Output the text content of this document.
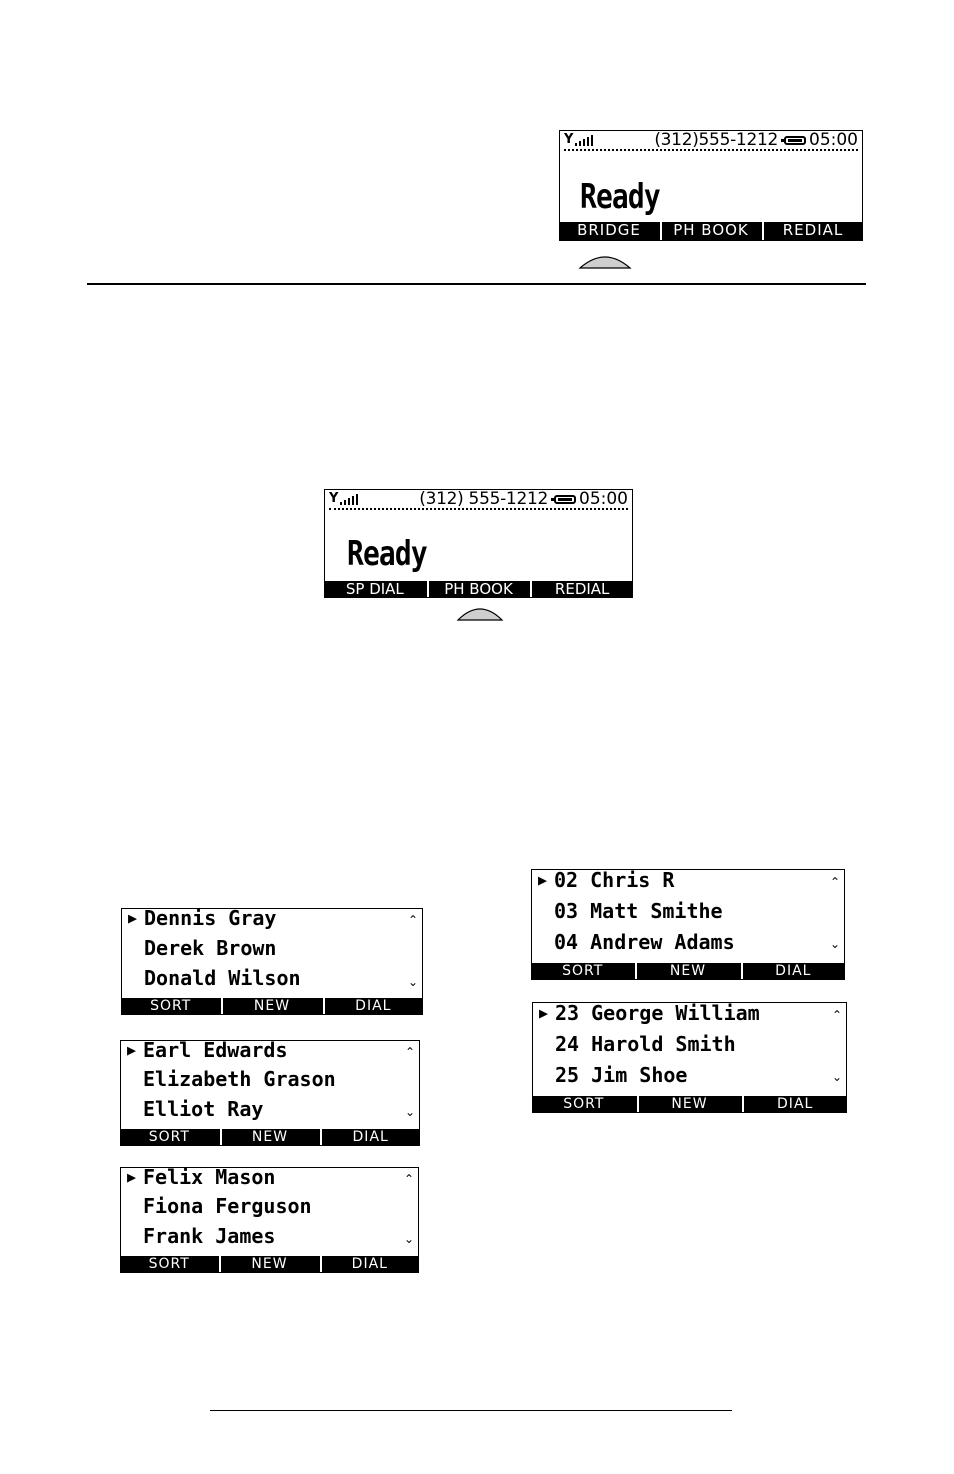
Y	(312)555-1212	05:00
Ready
BRIDGE	PH BOOK	REDIAL
Y	(312) 555-1212	05:00
Ready
SP DIAL	PH BOOK	REDIAL
▶ Dennis Gray
Derek Brown
Donald Wilson
⌃
⌄
SORT	NEW	DIAL
▶ Earl Edwards
Elizabeth Grason
Elliot Ray
⌃
⌄
SORT	NEW	DIAL
▶ Felix Mason
Fiona Ferguson
Frank James
⌃
⌄
SORT	NEW	DIAL
▶ 02 Chris R
03 Matt Smithe
04 Andrew Adams
⌃
⌄
SORT	NEW	DIAL
▶ 23 George William
24 Harold Smith
25 Jim Shoe
⌃
⌄
SORT	NEW	DIAL
